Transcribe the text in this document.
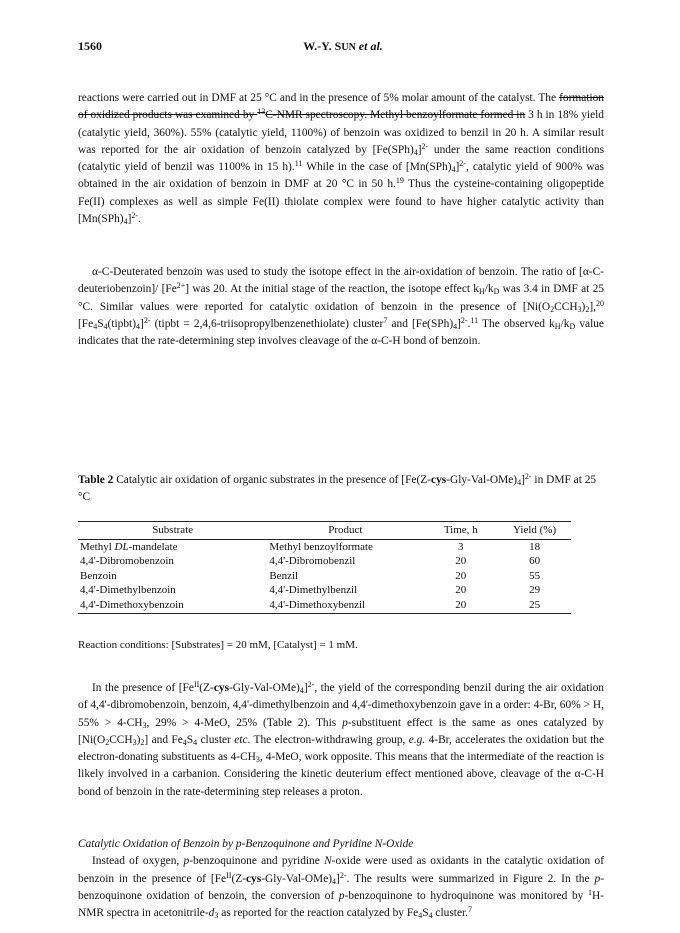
1560	W.-Y. SUN et al.

reactions were carried out in DMF at 25 °C and in the presence of 5% molar amount of the catalyst. The formation of oxidized products was examined by $^{13}$C-NMR spectroscopy. Methyl benzoylformate formed in 3 h in 18% yield (catalytic yield, 360%). 55% (catalytic yield, 1100%) of benzoin was oxidized to benzil in 20 h. A similar result was reported for the air oxidation of benzoin catalyzed by $[Fe(SPh)_4]^{2-}$ under the same reaction conditions (catalytic yield of benzil was 1100% in 15 h).$^{11}$ While in the case of $[Mn(SPh)_4]^{2-}$, catalytic yield of 900% was obtained in the air oxidation of benzoin in DMF at 20 °C in 50 h.$^{19}$ Thus the cysteine-containing oligopeptide Fe(II) complexes as well as simple Fe(II) thiolate complex were found to have higher catalytic activity than $[Mn(SPh)_4]^{2-}$.

α-C-Deuterated benzoin was used to study the isotope effect in the air-oxidation of benzoin. The ratio of [α-C-deuteriobenzoin]/ $[Fe^{2+}]$ was 20. At the initial stage of the reaction, the isotope effect $k_H/k_D$ was 3.4 in DMF at 25 °C. Similar values were reported for catalytic oxidation of benzoin in the presence of $[Ni(O_2CCH_3)_2],^{20}$ $[Fe_4S_4(tipbt)_4]^{2-}$ (tipbt = 2,4,6-triisopropylbenzenethiolate) cluster$^7$ and $[Fe(SPh)_4]^{2-}.^{11}$ The observed $k_H/k_D$ value indicates that the rate-determining step involves cleavage of the α-C-H bond of benzoin.

Table 2 Catalytic air oxidation of organic substrates in the presence of $[Fe(Z-cys-Gly-Val-OMe)_4]^{2-}$ in DMF at 25 °C
Substrate	Product	Time, h	Yield (%)
Methyl DL-mandelate	Methyl benzoylformate	3	18
4,4'-Dibromobenzoin	4,4'-Dibromobenzil	20	60
Benzoin	Benzil	20	55
4,4'-Dimethylbenzoin	4,4'-Dimethylbenzil	20	29
4,4'-Dimethoxybenzoin	4,4'-Dimethoxybenzil	20	25
Reaction conditions: [Substrates] = 20 mM, [Catalyst] = 1 mM.

In the presence of $[Fe^{II}(Z-cys-Gly-Val-OMe)_4]^{2-}$, the yield of the corresponding benzil during the air oxidation of 4,4'-dibromobenzoin, benzoin, 4,4'-dimethylbenzoin and 4,4'-dimethoxybenzoin gave in a order: 4-Br, 60% > H, $55\% > 4-CH_3$, 29% > 4-MeO, 25% (Table 2). This p-substituent effect is the same as ones catalyzed by $[Ni(O_2CCH_3)_2]$ and $Fe_4S_4$ cluster etc. The electron-withdrawing group, e.g. 4-Br, accelerates the oxidation but the electron-donating substituents as $4-CH_3$, 4-MeO, work opposite. This means that the intermediate of the reaction is likely involved in a carbanion. Considering the kinetic deuterium effect mentioned above, cleavage of the α-C-H bond of benzoin in the rate-determining step releases a proton.

Catalytic Oxidation of Benzoin by p-Benzoquinone and Pyridine N-Oxide

Instead of oxygen, p-benzoquinone and pyridine N-oxide were used as oxidants in the catalytic oxidation of benzoin in the presence of $[Fe^{II}(Z-cys-Gly-Val-OMe)_4]^{2-}$. The results were summarized in Figure 2. In the p-benzoquinone oxidation of benzoin, the conversion of p-benzoquinone to hydroquinone was monitored by $^1$H-NMR spectra in acetonitrile-$d_3$ as reported for the reaction catalyzed by $Fe_4S_4$ cluster.$^7$
